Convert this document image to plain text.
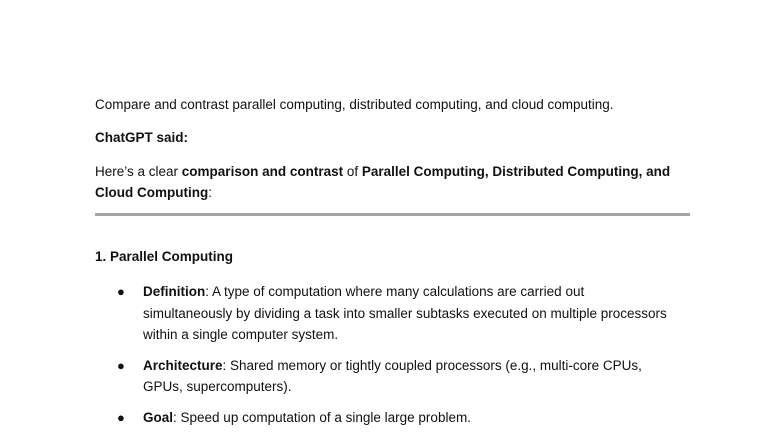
Compare and contrast parallel computing, distributed computing, and cloud computing.
ChatGPT said:
Here’s a clear comparison and contrast of Parallel Computing, Distributed Computing, and Cloud Computing:
1. Parallel Computing
● Definition: A type of computation where many calculations are carried out simultaneously by dividing a task into smaller subtasks executed on multiple processors within a single computer system.
● Architecture: Shared memory or tightly coupled processors (e.g., multi-core CPUs, GPUs, supercomputers).
● Goal: Speed up computation of a single large problem.
